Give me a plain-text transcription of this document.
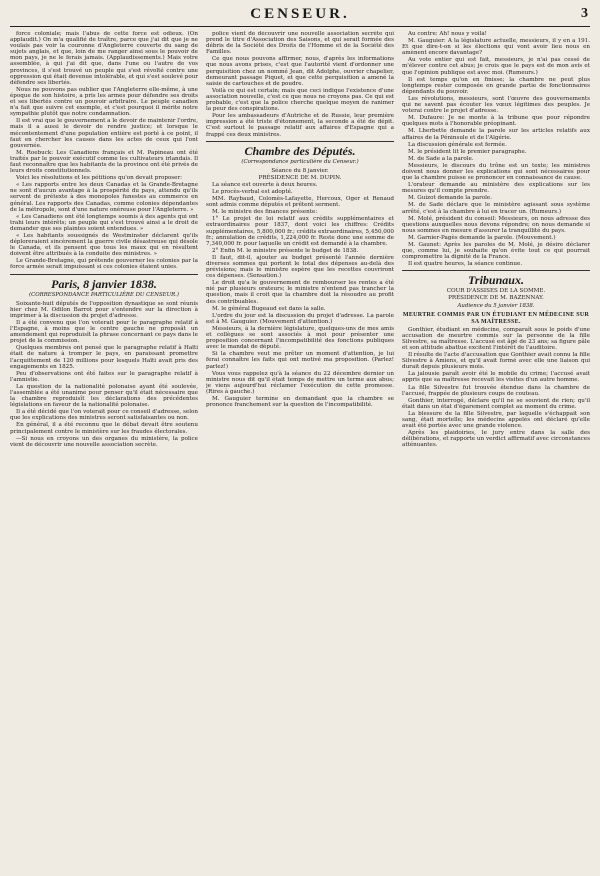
CENSEUR.	3

force coloniale; mais l'abus de cette force est odieux. (On applaudit.) On m'a qualifié de traître, parce que j'ai dit que je ne voulais pas voir la couronne d'Angleterre couverte du sang de sujets anglais, et que, loin de me ranger ainsi sous le pouvoir de mon pays, je ne le ferais jamais. (Applaudissements.) Mais votre assemblée, à qui j'ai dit que, dans l'une ou l'autre de vos provinces, il s'est trouvé un peuple qui s'est révolté contre une oppression qui était devenue intolérable, et qui s'est soulevé pour défendre ses libertés.

Nous ne pouvons pas oublier que l'Angleterre elle-même, à une époque de son histoire, a pris les armes pour défendre ses droits et ses libertés contre un pouvoir arbitraire. Le peuple canadien n'a fait que suivre cet exemple, et c'est pourquoi il mérite notre sympathie plutôt que notre condamnation.

Il est vrai que le gouvernement a le devoir de maintenir l'ordre, mais il a aussi le devoir de rendre justice; et lorsque le mécontentement d'une population entière est porté à ce point, il faut en chercher les causes dans les actes de ceux qui l'ont gouvernée.

M. Roebuck: Les Canadiens français et M. Papineau ont été traités par le pouvoir exécutif comme les cultivateurs irlandais. Il faut reconnaître que les habitants de la province ont été privés de leurs droits constitutionnels.

Voici les résolutions et les pétitions qu'on devait proposer:

« Les rapports entre les deux Canadas et la Grande-Bretagne ne sont d'aucun avantage à la prospérité du pays, attendu qu'ils servent de prétexte à des monopoles funestes au commerce en général. Les rapports des Canadas, comme colonies dépendantes de la métropole, sont d'une nature onéreuse pour l'Angleterre. »

« Les Canadiens ont été longtemps soumis à des agents qui ont trahi leurs intérêts; un peuple qui s'est trouvé ainsi a le droit de demander que ses plaintes soient entendues. »

« Les habitants soussignés de Westminster déclarent qu'ils déploreraient sincèrement la guerre civile désastreuse qui désole le Canada, et ils pensent que tous les maux qui en résultent doivent être attribués à la conduite des ministres. »

Le Grande-Bretagne, qui prétende gouverner les colonies par la force armée serait impuissant si ces colonies étaient unies.

Paris, 8 janvier 1838.
(CORRESPONDANCE PARTICULIÈRE DU CENSEUR.)

Soixante-huit députés de l'opposition dynastique se sont réunis hier chez M. Odilon Barrot pour s'entendre sur la direction à imprimer à la discussion du projet d'adresse.

Il a été convenu que l'on voterait pour le paragraphe relatif à l'Espagne, à moins que le centre gauche ne proposât un amendement qui reproduisît la phrase concernant ce pays dans le projet de la commission.

Quelques membres ont pensé que le paragraphe relatif à Haïti était de nature à tromper le pays, en paraissant promettre l'acquittement de 120 millions pour lesquels Haïti avait pris des engagements en 1825.

Peu d'observations ont été faites sur le paragraphe relatif à l'amnistie.

La question de la nationalité polonaise ayant été soulevée, l'assemblée a été unanime pour penser qu'il était nécessaire que la chambre reproduisît les déclarations des précédentes législations en faveur de la nationalité polonaise.

Il a été décidé que l'on voterait pour ce conseil d'adresse, selon que les explications des ministres seront satisfaisantes ou non.

En général, il a été reconnu que le débat devait être soutenu principalement contre le ministère sur les fraudes électorales.

—Si nous en croyons un des organes du ministère, la police vient de découvrir une nouvelle association secrète.

police vient de découvrir une nouvelle association secrète qui prend le titre d'Association des Saisons, et qui serait formée des débris de la Société des Droits de l'Homme et de la Société des Familles.

Ce que nous pouvons affirmer, nous, d'après les informations que nous avons prises, c'est que l'autorité vient d'ordonner une perquisition chez un nommé Jean, dit Adolphe, ouvrier chapelier, demeurant passage Piquet, et que cette perquisition a amené la saisie de cartouches et de poudre.

Voilà ce qui est certain; mais que ceci indique l'existence d'une association nouvelle, c'est ce que nous ne croyons pas. Ce qui est probable, c'est que la police cherche quelque moyen de ranimer la peur des conspirations.

Pour les ambassadeurs d'Autriche et de Russie, leur première impression a été triste d'étonnement, la seconde a été de dépit. C'est surtout le passage relatif aux affaires d'Espagne qui a frappé ces deux ministres.

Chambre des Députés.
(Correspondance particulière du Censeur.)
Séance du 8 janvier.
PRÉSIDENCE DE M. DUPIN.

La séance est ouverte à deux heures.

Le procès-verbal est adopté.

MM. Raybaud, Colomès-Lafayette, Hercoux, Oger et Renaud sont admis comme députés et prêtent serment.

M. le ministre des finances présente:

1° Le projet de loi relatif aux crédits supplémentaires et extraordinaires pour 1837, dont voici les chiffres: Crédits supplémentaires, 5,800,000 fr.; crédits extraordinaires, 5,450,000 fr.; annulation de crédits, 1,224,000 fr. Reste donc une somme de 7,340,000 fr. pour laquelle un crédit est demandé à la chambre.

2° Enfin M. le ministre présente le budget de 1838.

Il faut, dit-il, ajouter au budget présenté l'année dernière diverses sommes qui portent le total des dépenses au-delà des prévisions; mais le ministre espère que les recettes couvriront ces dépenses. (Sensation.)

Le droit qu'a le gouvernement de rembourser les rentes a été nié par plusieurs orateurs; le ministre n'entend pas trancher la question, mais il croit que la chambre doit la résoudre au profit des contribuables.

M. le général Bugeaud est dans la salle.

L'ordre du jour est la discussion du projet d'adresse. La parole est à M. Gauguier. (Mouvement d'attention.)

Messieurs, à la dernière législature, quelques-uns de mes amis et collègues se sont associés à moi pour présenter une proposition concernant l'incompatibilité des fonctions publiques avec le mandat de député.

Si la chambre veut me prêter un moment d'attention, je lui ferai connaître les faits qui ont motivé ma proposition. (Parlez! parlez!)

Vous vous rappelez qu'à la séance du 22 décembre dernier un ministre nous dit qu'il était temps de mettre un terme aux abus; je viens aujourd'hui réclamer l'exécution de cette promesse. (Rires à gauche.)

M. Gauguier termine en demandant que la chambre se prononce franchement sur la question de l'incompatibilité.

Au contre: Ah! nous y voilà!

M. Gauguier: A la législature actuelle, messieurs, il y en a 191. Et que dire-t-on si les élections qui vont avoir lieu nous en amènent encore davantage?

Au vote entier qui est fait, messieurs, je n'ai pas cessé de m'élever contre cet abus; je crois que le pays est de mon avis et que l'opinion publique est avec moi. (Rumeurs.)

Il est temps qu'on en finisse; la chambre ne peut plus longtemps rester composée en grande partie de fonctionnaires dépendants du pouvoir.

Les révolutions, messieurs, sont l'œuvre des gouvernements qui ne savent pas écouter les vœux légitimes des peuples. Je voterai contre le projet d'adresse.

M. Dufaure: Je ne monte à la tribune que pour répondre quelques mots à l'honorable préopinant.

M. Lherbette demande la parole sur les articles relatifs aux affaires de la Péninsule et de l'Algérie.

La discussion générale est fermée.

M. le président lit le premier paragraphe.

M. de Sade a la parole.

Messieurs, le discours du trône est un texte; les ministres doivent nous donner les explications qui sont nécessaires pour que la chambre puisse se prononcer en connaissance de cause.

L'orateur demande au ministère des explications sur les mesures qu'il compte prendre.

M. Guizot demande la parole.

M. de Sade déclare que le ministère agissant sous système arrêté, c'est à la chambre à lui en tracer un. (Rumeurs.)

M. Molé, président du conseil: Messieurs, on nous adresse des questions auxquelles nous devons répondre; on nous demande si nous sommes en mesure d'assurer la tranquillité du pays.

M. Garnier-Pagès demande la parole. (Mouvement.)

M. Gaunet: Après les paroles de M. Molé, je désire déclarer que, comme lui, je souhaite qu'on évite tout ce qui pourrait compromettre la dignité de la France.

Il est quatre heures, la séance continue.

Tribunaux.
COUR D'ASSISES DE LA SOMME.
PRÉSIDENCE DE M. BAZENNAY.
Audience du 5 janvier 1838.
MEURTRE COMMIS PAR UN ÉTUDIANT EN MÉDECINE SUR SA MAÎTRESSE.

Gonthier, étudiant en médecine, comparaît sous le poids d'une accusation de meurtre commis sur la personne de la fille Silvestre, sa maîtresse. L'accusé est âgé de 23 ans; sa figure pâle et son attitude abattue excitent l'intérêt de l'auditoire.

Il résulte de l'acte d'accusation que Gonthier avait connu la fille Silvestre à Amiens, et qu'il avait formé avec elle une liaison qui durait depuis plusieurs mois.

La jalousie paraît avoir été le mobile du crime; l'accusé avait appris que sa maîtresse recevait les visites d'un autre homme.

La fille Silvestre fut trouvée étendue dans la chambre de l'accusé, frappée de plusieurs coups de couteau.

Gonthier, interrogé, déclare qu'il ne se souvient de rien; qu'il était dans un état d'égarement complet au moment du crime.

La blessure de la fille Silvestre, par laquelle s'échappait son sang, était mortelle; les médecins appelés ont déclaré qu'elle avait été portée avec une grande violence.

Après les plaidoiries, le jury entre dans la salle des délibérations, et rapporte un verdict affirmatif avec circonstances atténuantes.
